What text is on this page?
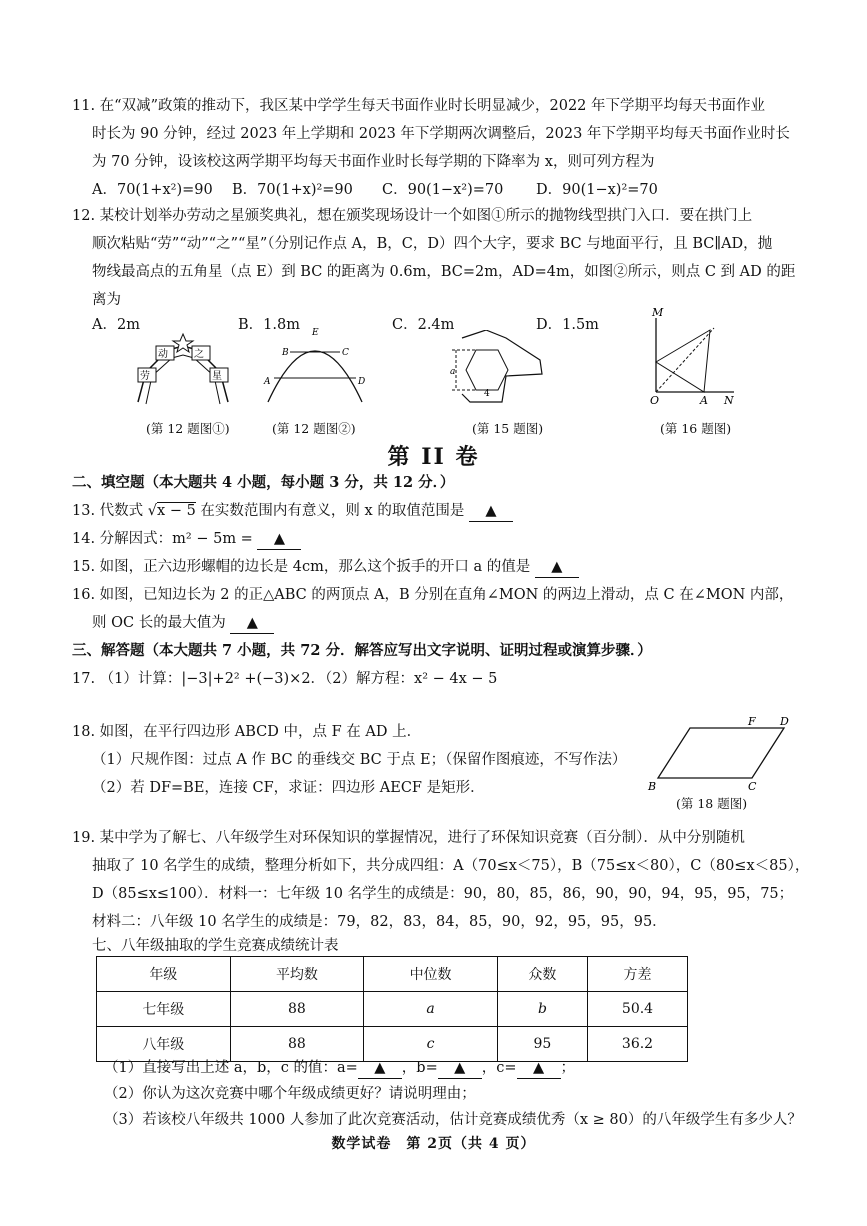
11. 在“双减”政策的推动下，我区某中学学生每天书面作业时长明显减少，2022 年下学期平均每天书面作业
时长为 90 分钟，经过 2023 年上学期和 2023 年下学期两次调整后，2023 年下学期平均每天书面作业时长
为 70 分钟，设该校这两学期平均每天书面作业时长每学期的下降率为 x，则可列方程为
A．70(1+x²)=90 B．70(1+x)²=90 C．90(1−x²)=70 D．90(1−x)²=70
12. 某校计划举办劳动之星颁奖典礼，想在颁奖现场设计一个如图①所示的抛物线型拱门入口．要在拱门上
顺次粘贴“劳”“动”“之”“星”（分别记作点 A，B，C，D）四个大字，要求 BC 与地面平行，且 BC∥AD，抛
物线最高点的五角星（点 E）到 BC 的距离为 0.6m，BC=2m，AD=4m，如图②所示，则点 C 到 AD 的距
离为
A．2m	B．1.8m	C．2.4m	D．1.5m
动	之
劳	星
(第 12 题图①)
E
B	C
A	D
(第 12 题图②)
a
4
(第 15 题图)
M
O	A N
(第 16 题图)
第 II 卷
二、填空题（本大题共 4 小题，每小题 3 分，共 12 分．）
13. 代数式 √x − 5 在实数范围内有意义，则 x 的取值范围是 ▲
14. 分解因式：m² − 5m = ▲
15. 如图，正六边形螺帽的边长是 4cm，那么这个扳手的开口 a 的值是 ▲
16. 如图，已知边长为 2 的正△ABC 的两顶点 A，B 分别在直角∠MON 的两边上滑动，点 C 在∠MON 内部，
则 OC 长的最大值为 ▲
三、解答题（本大题共 7 小题，共 72 分．解答应写出文字说明、证明过程或演算步骤．）
17. （1）计算：|−3|+2² +(−3)×2．（2）解方程：x² − 4x − 5
18. 如图，在平行四边形 ABCD 中，点 F 在 AD 上．
（1）尺规作图：过点 A 作 BC 的垂线交 BC 于点 E；（保留作图痕迹，不写作法）
（2）若 DF=BE，连接 CF，求证：四边形 AECF 是矩形．	B	C
F D
(第 18 题图)
19. 某中学为了解七、八年级学生对环保知识的掌握情况，进行了环保知识竞赛（百分制）．从中分别随机
抽取了 10 名学生的成绩，整理分析如下，共分成四组：A（70≤x＜75），B（75≤x＜80），C（80≤x＜85），
D（85≤x≤100）．材料一：七年级 10 名学生的成绩是：90，80，85，86，90，90，94，95，95，75；
材料二：八年级 10 名学生的成绩是：79，82，83，84，85，90，92，95，95，95．
七、八年级抽取的学生竞赛成绩统计表
年级	平均数	中位数	众数	方差
七年级	88	a	b	50.4
八年级	88	c	95	36.2
（1）直接写出上述 a，b，c 的值：a= ▲ ，b= ▲ ，c= ▲ ；
（2）你认为这次竞赛中哪个年级成绩更好？请说明理由；
（3）若该校八年级共 1000 人参加了此次竞赛活动，估计竞赛成绩优秀（x ≥ 80）的八年级学生有多少人？
数学试卷　第 2页（共 4 页）
